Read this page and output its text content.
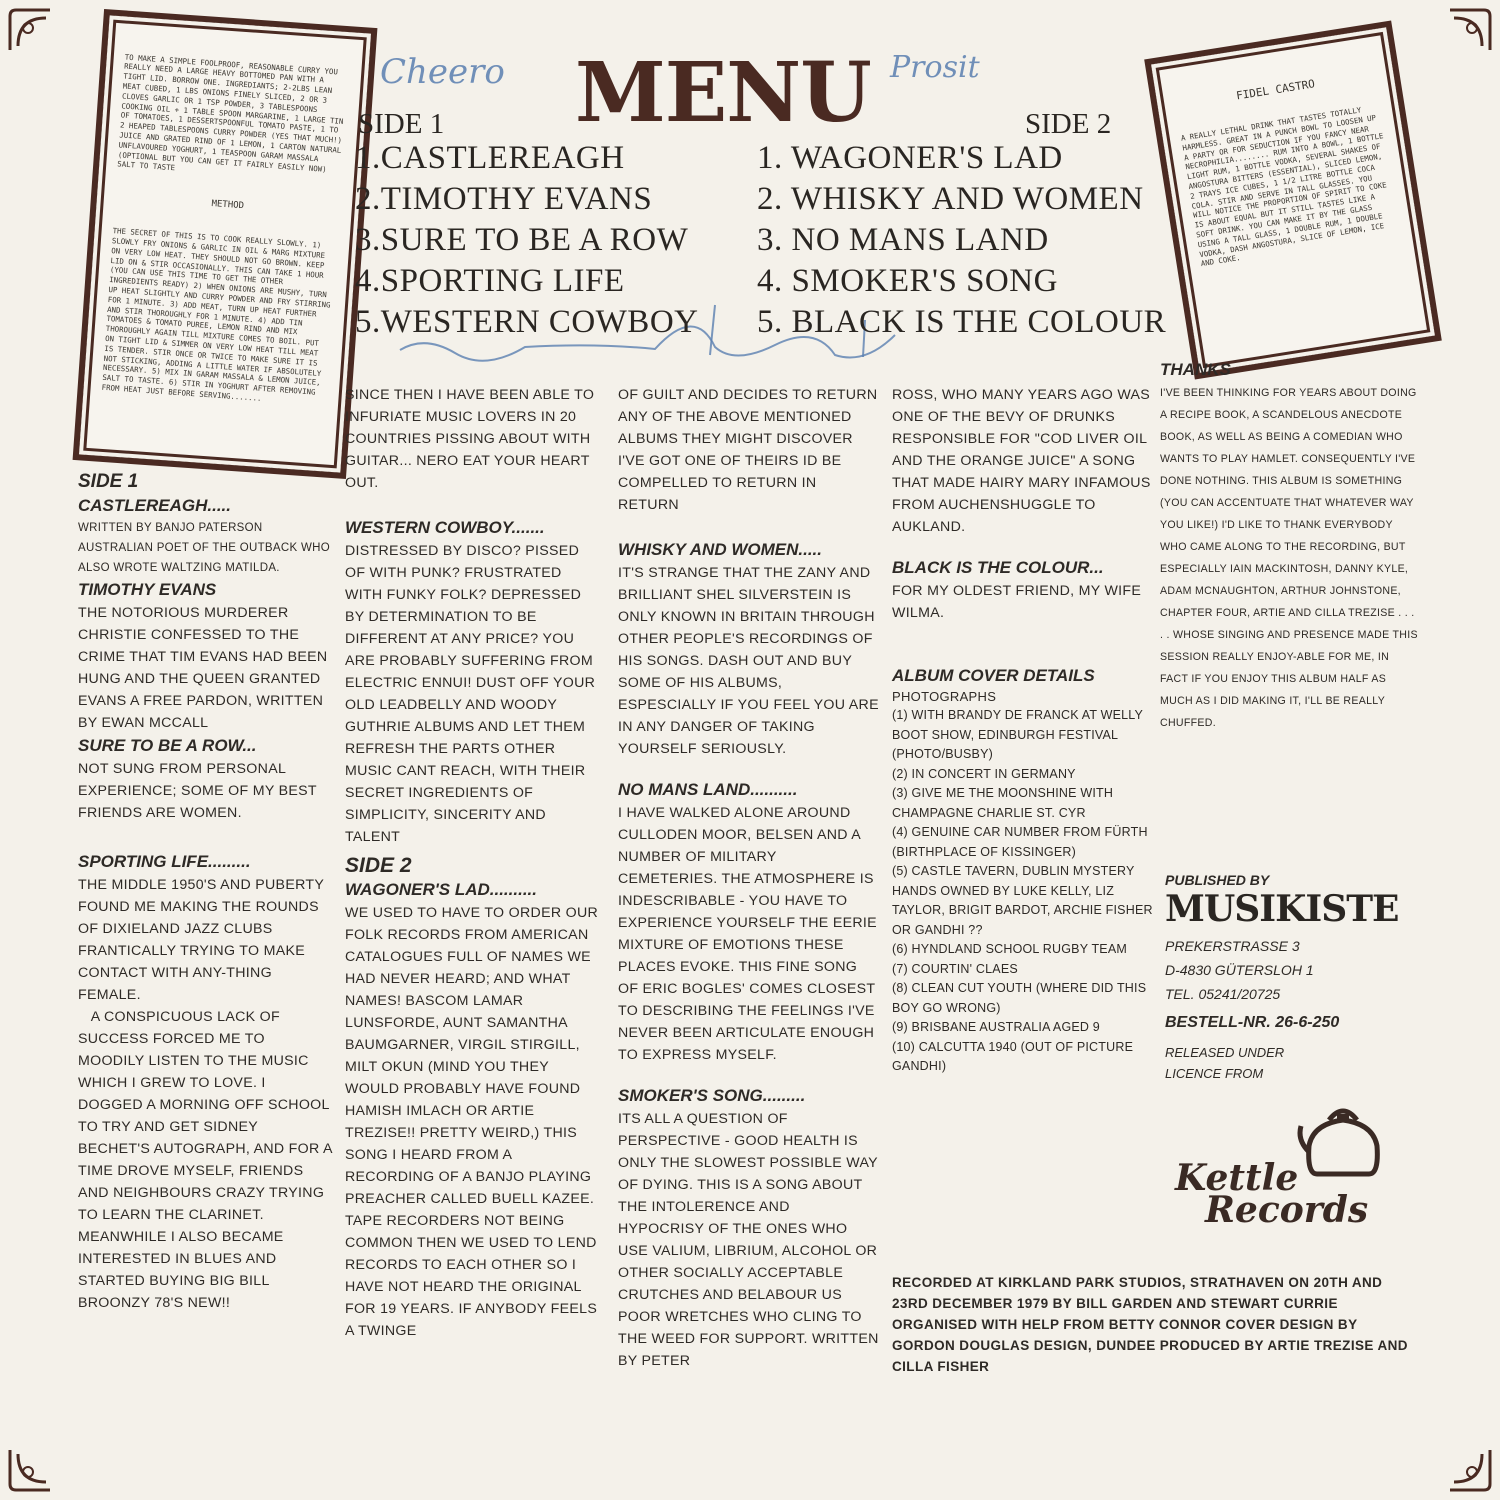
TO MAKE A SIMPLE FOOLPROOF, REASONABLE CURRY YOU REALLY NEED A LARGE HEAVY BOTTOMED PAN WITH A TIGHT LID. BORROW ONE. INGREDIANTS; 2-2LBS LEAN MEAT CUBED, 1 LBS ONIONS FINELY SLICED, 2 OR 3 CLOVES GARLIC OR 1 TSP POWDER, 3 TABLESPOONS COOKING OIL + 1 TABLE SPOON MARGARINE, 1 LARGE TIN OF TOMATOES, 1 DESSERTSPOONFUL TOMATO PASTE, 1 TO 2 HEAPED TABLESPOONS CURRY POWDER (YES THAT MUCH!) JUICE AND GRATED RIND OF 1 LEMON, 1 CARTON NATURAL UNFLAVOURED YOGHURT, 1 TEASPOON GARAM MASSALA (OPTIONAL BUT YOU CAN GET IT FAIRLY EASILY NOW) SALT TO TASTE

METHOD

THE SECRET OF THIS IS TO COOK REALLY SLOWLY. 1) SLOWLY FRY ONIONS & GARLIC IN OIL & MARG MIXTURE ON VERY LOW HEAT. THEY SHOULD NOT GO BROWN. KEEP LID ON & STIR OCCASIONALLY. THIS CAN TAKE 1 HOUR (YOU CAN USE THIS TIME TO GET THE OTHER INGREDIENTS READY) 2) WHEN ONIONS ARE MUSHY, TURN UP HEAT SLIGHTLY AND CURRY POWDER AND FRY STIRRING FOR 1 MINUTE. 3) ADD MEAT, TURN UP HEAT FURTHER AND STIR THOROUGHLY FOR 1 MINUTE. 4) ADD TIN TOMATOES & TOMATO PUREE, LEMON RIND AND MIX THOROUGHLY AGAIN TILL MIXTURE COMES TO BOIL. PUT ON TIGHT LID & SIMMER ON VERY LOW HEAT TILL MEAT IS TENDER. STIR ONCE OR TWICE TO MAKE SURE IT IS NOT STICKING, ADDING A LITTLE WATER IF ABSOLUTELY NECESSARY. 5) MIX IN GARAM MASSALA & LEMON JUICE, SALT TO TASTE. 6) STIR IN YOGHURT AFTER REMOVING FROM HEAT JUST BEFORE SERVING.......

FIDEL CASTRO

A REALLY LETHAL DRINK THAT TASTES TOTALLY HARMLESS. GREAT IN A PUNCH BOWL TO LOOSEN UP A PARTY OR FOR SEDUCTION IF YOU FANCY NEAR NECROPHILIA........ RUM INTO A BOWL, 1 BOTTLE LIGHT RUM, 1 BOTTLE VODKA, SEVERAL SHAKES OF ANGOSTURA BITTERS (ESSENTIAL), SLICED LEMON, 2 TRAYS ICE CUBES, 1 1/2 LITRE BOTTLE COCA COLA. STIR AND SERVE IN TALL GLASSES. YOU WILL NOTICE THE PROPORTION OF SPIRIT TO COKE IS ABOUT EQUAL BUT IT STILL TASTES LIKE A SOFT DRINK. YOU CAN MAKE IT BY THE GLASS USING A TALL GLASS, 1 DOUBLE RUM, 1 DOUBLE VODKA, DASH ANGOSTURA, SLICE OF LEMON, ICE AND COKE.

Cheero	Prosit
MENU
SIDE 1	SIDE 2
1.CASTLEREAGH
2.TIMOTHY EVANS
3.SURE TO BE A ROW
4.SPORTING LIFE
5.WESTERN COWBOY
1. WAGONER'S LAD
2. WHISKY AND WOMEN
3. NO MANS LAND
4. SMOKER'S SONG
5. BLACK IS THE COLOUR

SIDE 1

CASTLEREAGH.....

WRITTEN BY BANJO PATERSON AUSTRALIAN POET OF THE OUTBACK WHO ALSO WROTE WALTZING MATILDA.

TIMOTHY EVANS

THE NOTORIOUS MURDERER CHRISTIE CONFESSED TO THE CRIME THAT TIM EVANS HAD BEEN HUNG AND THE QUEEN GRANTED EVANS A FREE PARDON, WRITTEN BY EWAN MCCALL

SURE TO BE A ROW...

NOT SUNG FROM PERSONAL EXPERIENCE; SOME OF MY BEST FRIENDS ARE WOMEN.

SPORTING LIFE.........

THE MIDDLE 1950'S AND PUBERTY FOUND ME MAKING THE ROUNDS OF DIXIELAND JAZZ CLUBS FRANTICALLY TRYING TO MAKE CONTACT WITH ANY-THING FEMALE.
A CONSPICUOUS LACK OF SUCCESS FORCED ME TO MOODILY LISTEN TO THE MUSIC WHICH I GREW TO LOVE. I DOGGED A MORNING OFF SCHOOL TO TRY AND GET SIDNEY BECHET'S AUTOGRAPH, AND FOR A TIME DROVE MYSELF, FRIENDS AND NEIGHBOURS CRAZY TRYING TO LEARN THE CLARINET. MEANWHILE I ALSO BECAME INTERESTED IN BLUES AND STARTED BUYING BIG BILL BROONZY 78'S NEW!!

SINCE THEN I HAVE BEEN ABLE TO INFURIATE MUSIC LOVERS IN 20 COUNTRIES PISSING ABOUT WITH GUITAR... NERO EAT YOUR HEART OUT.

WESTERN COWBOY.......

DISTRESSED BY DISCO? PISSED OF WITH PUNK? FRUSTRATED WITH FUNKY FOLK? DEPRESSED BY DETERMINATION TO BE DIFFERENT AT ANY PRICE? YOU ARE PROBABLY SUFFERING FROM ELECTRIC ENNUI! DUST OFF YOUR OLD LEADBELLY AND WOODY GUTHRIE ALBUMS AND LET THEM REFRESH THE PARTS OTHER MUSIC CANT REACH, WITH THEIR SECRET INGREDIENTS OF SIMPLICITY, SINCERITY AND TALENT

SIDE 2

WAGONER'S LAD..........

WE USED TO HAVE TO ORDER OUR FOLK RECORDS FROM AMERICAN CATALOGUES FULL OF NAMES WE HAD NEVER HEARD; AND WHAT NAMES! BASCOM LAMAR LUNSFORDE, AUNT SAMANTHA BAUMGARNER, VIRGIL STIRGILL, MILT OKUN (MIND YOU THEY WOULD PROBABLY HAVE FOUND HAMISH IMLACH OR ARTIE TREZISE!! PRETTY WEIRD,) THIS SONG I HEARD FROM A RECORDING OF A BANJO PLAYING PREACHER CALLED BUELL KAZEE. TAPE RECORDERS NOT BEING COMMON THEN WE USED TO LEND RECORDS TO EACH OTHER SO I HAVE NOT HEARD THE ORIGINAL FOR 19 YEARS. IF ANYBODY FEELS A TWINGE

OF GUILT AND DECIDES TO RETURN ANY OF THE ABOVE MENTIONED ALBUMS THEY MIGHT DISCOVER I'VE GOT ONE OF THEIRS ID BE COMPELLED TO RETURN IN RETURN

WHISKY AND WOMEN.....

IT'S STRANGE THAT THE ZANY AND BRILLIANT SHEL SILVERSTEIN IS ONLY KNOWN IN BRITAIN THROUGH OTHER PEOPLE'S RECORDINGS OF HIS SONGS. DASH OUT AND BUY SOME OF HIS ALBUMS, ESPESCIALLY IF YOU FEEL YOU ARE IN ANY DANGER OF TAKING YOURSELF SERIOUSLY.

NO MANS LAND..........

I HAVE WALKED ALONE AROUND CULLODEN MOOR, BELSEN AND A NUMBER OF MILITARY CEMETERIES. THE ATMOSPHERE IS INDESCRIBABLE - YOU HAVE TO EXPERIENCE YOURSELF THE EERIE MIXTURE OF EMOTIONS THESE PLACES EVOKE. THIS FINE SONG OF ERIC BOGLES' COMES CLOSEST TO DESCRIBING THE FEELINGS I'VE NEVER BEEN ARTICULATE ENOUGH TO EXPRESS MYSELF.

SMOKER'S SONG.........

ITS ALL A QUESTION OF PERSPECTIVE - GOOD HEALTH IS ONLY THE SLOWEST POSSIBLE WAY OF DYING. THIS IS A SONG ABOUT THE INTOLERENCE AND HYPOCRISY OF THE ONES WHO USE VALIUM, LIBRIUM, ALCOHOL OR OTHER SOCIALLY ACCEPTABLE CRUTCHES AND BELABOUR US POOR WRETCHES WHO CLING TO THE WEED FOR SUPPORT. WRITTEN BY PETER

ROSS, WHO MANY YEARS AGO WAS ONE OF THE BEVY OF DRUNKS RESPONSIBLE FOR "COD LIVER OIL AND THE ORANGE JUICE" A SONG THAT MADE HAIRY MARY INFAMOUS FROM AUCHENSHUGGLE TO AUKLAND.

BLACK IS THE COLOUR...

FOR MY OLDEST FRIEND, MY WIFE WILMA.

ALBUM COVER DETAILS

PHOTOGRAPHS

(1) WITH BRANDY DE FRANCK AT WELLY BOOT SHOW, EDINBURGH FESTIVAL (PHOTO/BUSBY)
(2) IN CONCERT IN GERMANY
(3) GIVE ME THE MOONSHINE WITH CHAMPAGNE CHARLIE ST. CYR
(4) GENUINE CAR NUMBER FROM FÜRTH (BIRTHPLACE OF KISSINGER)
(5) CASTLE TAVERN, DUBLIN MYSTERY HANDS OWNED BY LUKE KELLY, LIZ TAYLOR, BRIGIT BARDOT, ARCHIE FISHER OR GANDHI ??
(6) HYNDLAND SCHOOL RUGBY TEAM
(7) COURTIN' CLAES
(8) CLEAN CUT YOUTH (WHERE DID THIS BOY GO WRONG)
(9) BRISBANE AUSTRALIA AGED 9
(10) CALCUTTA 1940 (OUT OF PICTURE GANDHI)
RECORDED AT KIRKLAND PARK STUDIOS, STRATHAVEN ON 20TH AND 23RD DECEMBER 1979 BY BILL GARDEN AND STEWART CURRIE ORGANISED WITH HELP FROM BETTY CONNOR COVER DESIGN BY GORDON DOUGLAS DESIGN, DUNDEE PRODUCED BY ARTIE TREZISE AND CILLA FISHER

THANKS

I'VE BEEN THINKING FOR YEARS ABOUT DOING A RECIPE BOOK, A SCANDELOUS ANECDOTE BOOK, AS WELL AS BEING A COMEDIAN WHO WANTS TO PLAY HAMLET. CONSEQUENTLY I'VE DONE NOTHING. THIS ALBUM IS SOMETHING (YOU CAN ACCENTUATE THAT WHATEVER WAY YOU LIKE!) I'D LIKE TO THANK EVERYBODY WHO CAME ALONG TO THE RECORDING, BUT ESPECIALLY IAIN MACKINTOSH, DANNY KYLE, ADAM MCNAUGHTON, ARTHUR JOHNSTONE, CHAPTER FOUR, ARTIE AND CILLA TREZISE . . . . . WHOSE SINGING AND PRESENCE MADE THIS SESSION REALLY ENJOY-ABLE FOR ME, IN FACT IF YOU ENJOY THIS ALBUM HALF AS MUCH AS I DID MAKING IT, I'LL BE REALLY CHUFFED.

PUBLISHED BY
MUSIKISTE
PREKERSTRASSE 3
D-4830 GÜTERSLOH 1
TEL. 05241/20725
BESTELL-NR. 26-6-250
RELEASED UNDER LICENCE FROM
Kettle
Records
